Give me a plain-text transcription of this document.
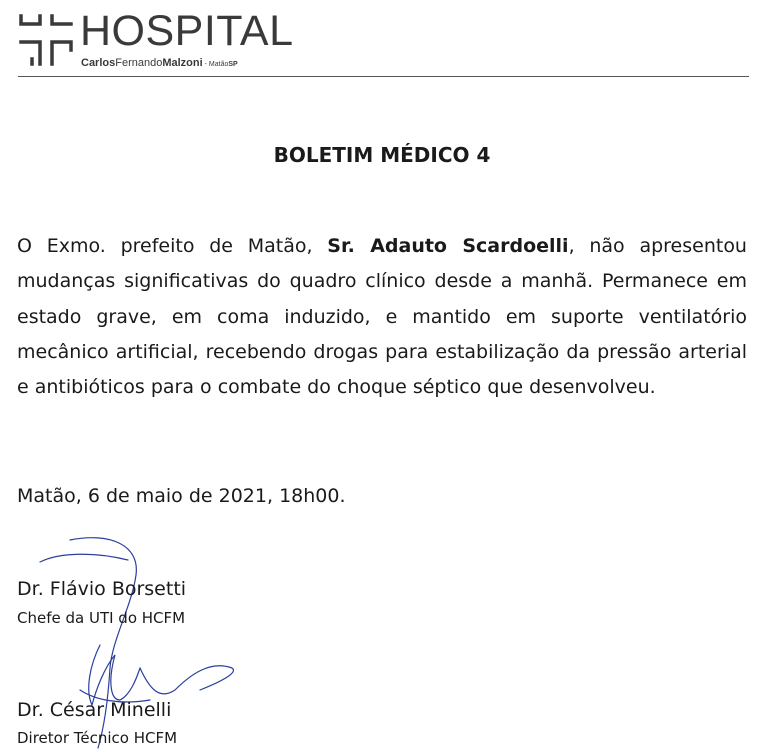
HOSPITAL
CarlosFernandoMalzoni - MatãoSP
BOLETIM MÉDICO 4
O Exmo. prefeito de Matão, Sr. Adauto Scardoelli, não apresentou mudanças significativas do quadro clínico desde a manhã. Permanece em estado grave, em coma induzido, e mantido em suporte ventilatório mecânico artificial, recebendo drogas para estabilização da pressão arterial e antibióticos para o combate do choque séptico que desenvolveu.
Matão, 6 de maio de 2021, 18h00.
Dr. Flávio Borsetti
Chefe da UTI do HCFM
Dr. César Minelli
Diretor Técnico HCFM
